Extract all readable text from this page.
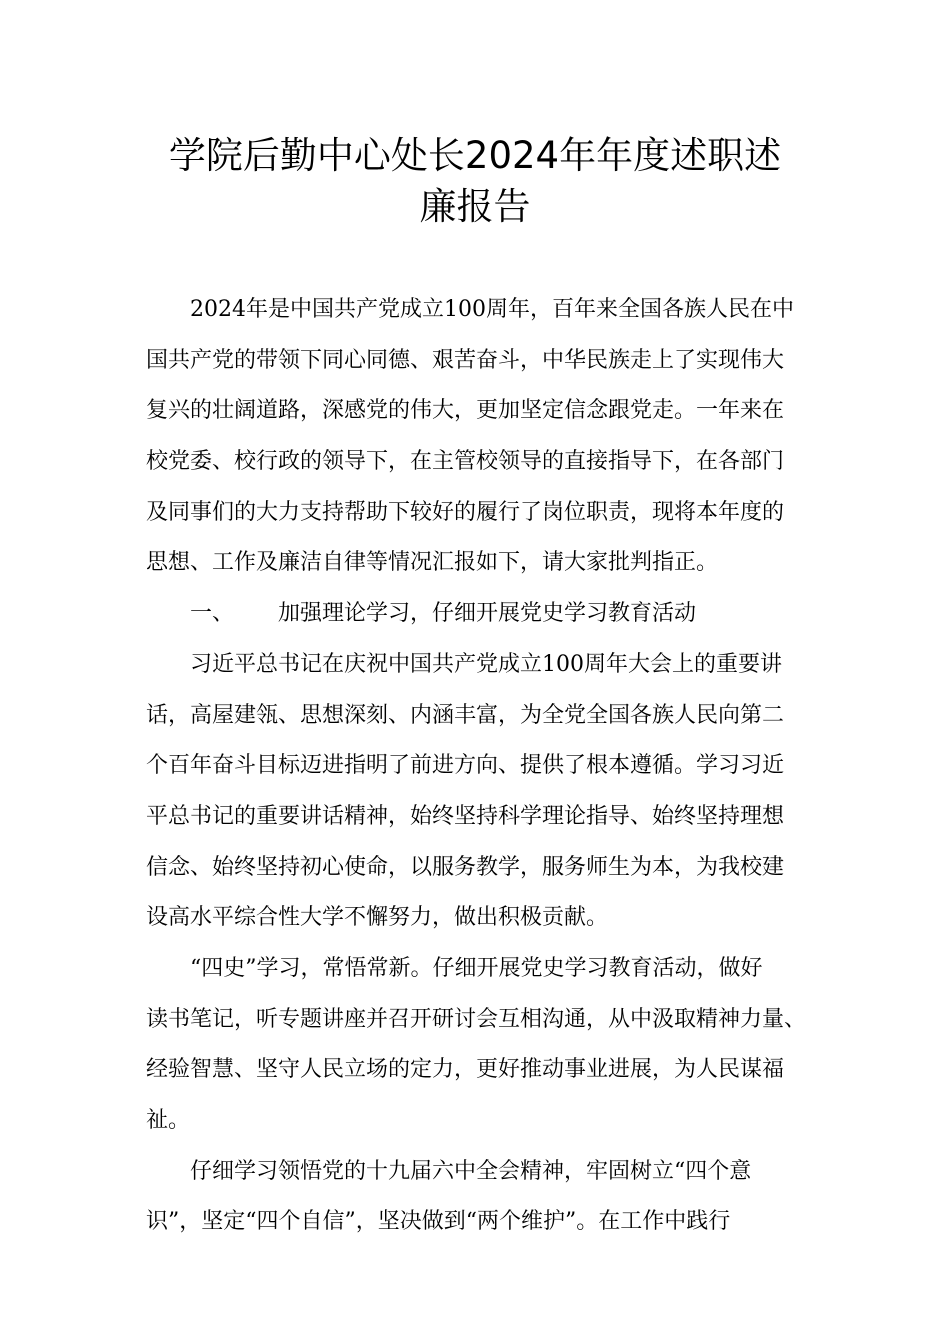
学院后勤中心处长2024年年度述职述
廉报告
2024年是中国共产党成立100周年，百年来全国各族人民在中
国共产党的带领下同心同德、艰苦奋斗，中华民族走上了实现伟大
复兴的壮阔道路，深感党的伟大，更加坚定信念跟党走。一年来在
校党委、校行政的领导下，在主管校领导的直接指导下，在各部门
及同事们的大力支持帮助下较好的履行了岗位职责，现将本年度的
思想、工作及廉洁自律等情况汇报如下，请大家批判指正。
一、 加强理论学习，仔细开展党史学习教育活动
习近平总书记在庆祝中国共产党成立100周年大会上的重要讲
话，高屋建瓴、思想深刻、内涵丰富，为全党全国各族人民向第二
个百年奋斗目标迈进指明了前进方向、提供了根本遵循。学习习近
平总书记的重要讲话精神，始终坚持科学理论指导、始终坚持理想
信念、始终坚持初心使命，以服务教学，服务师生为本，为我校建
设高水平综合性大学不懈努力，做出积极贡献。
“四史”学习，常悟常新。仔细开展党史学习教育活动，做好
读书笔记，听专题讲座并召开研讨会互相沟通，从中汲取精神力量、
经验智慧、坚守人民立场的定力，更好推动事业进展，为人民谋福
祉。
仔细学习领悟党的十九届六中全会精神，牢固树立“四个意
识”，坚定“四个自信”，坚决做到“两个维护”。在工作中践行
